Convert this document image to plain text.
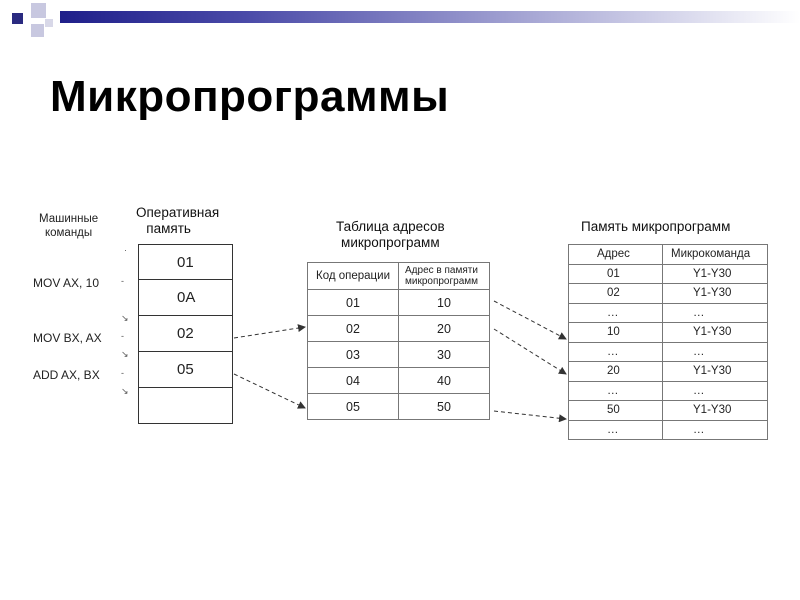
Микропрограммы
Машинные
команды
Оперативная
память	Таблица адресов
микропрограмм
Память микропрограмм
MOV AX, 10
MOV BX, AX
ADD AX, BX
·
-
↘
-
↘
-
↘
01
0A
02
05
Код операции	Адрес в памяти
микропрограмм

01	10
02	20
03	30
04	40
05	50
Адрес	Микрокоманда
01	Y1-Y30
02	Y1-Y30
…	…
10	Y1-Y30
…	…
20	Y1-Y30
…	…
50	Y1-Y30
…	…
